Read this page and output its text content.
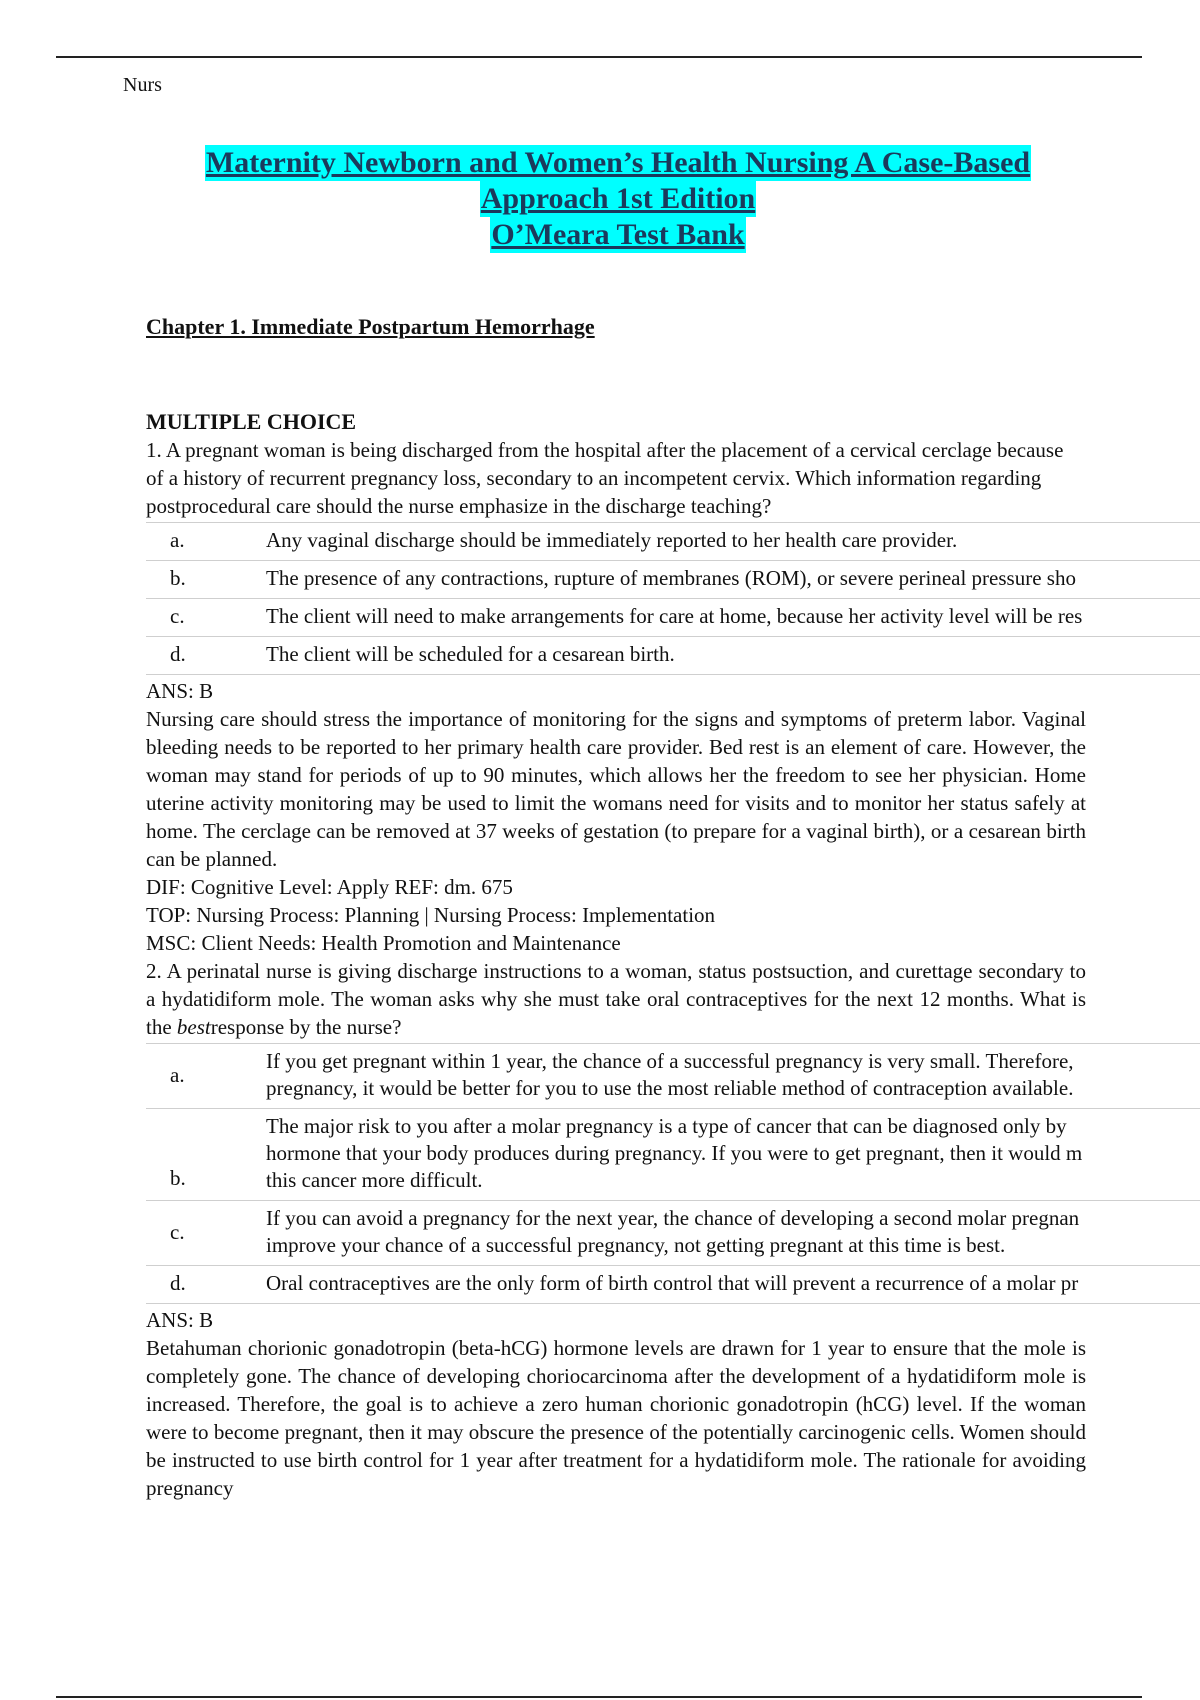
Nurs
Maternity Newborn and Women’s Health Nursing A Case-Based
Approach 1st Edition
O’Meara Test Bank
Chapter 1. Immediate Postpartum Hemorrhage
MULTIPLE CHOICE
1. A pregnant woman is being discharged from the hospital after the placement of a cervical cerclage because of a history of recurrent pregnancy loss, secondary to an incompetent cervix. Which information regarding postprocedural care should the nurse emphasize in the discharge teaching?
a.	Any vaginal discharge should be immediately reported to her health care provider.
b.	The presence of any contractions, rupture of membranes (ROM), or severe perineal pressure sho
c.	The client will need to make arrangements for care at home, because her activity level will be res
d.	The client will be scheduled for a cesarean birth.
ANS: B
Nursing care should stress the importance of monitoring for the signs and symptoms of preterm labor. Vaginal bleeding needs to be reported to her primary health care provider. Bed rest is an element of care. However, the woman may stand for periods of up to 90 minutes, which allows her the freedom to see her physician. Home uterine activity monitoring may be used to limit the womans need for visits and to monitor her status safely at home. The cerclage can be removed at 37 weeks of gestation (to prepare for a vaginal birth), or a cesarean birth can be planned.
DIF: Cognitive Level: Apply REF: dm. 675
TOP: Nursing Process: Planning | Nursing Process: Implementation
MSC: Client Needs: Health Promotion and Maintenance
2. A perinatal nurse is giving discharge instructions to a woman, status postsuction, and curettage secondary to a hydatidiform mole. The woman asks why she must take oral contraceptives for the next 12 months. What is the bestresponse by the nurse?
a.	If you get pregnant within 1 year, the chance of a successful pregnancy is very small. Therefore,
pregnancy, it would be better for you to use the most reliable method of contraception available.

b.	The major risk to you after a molar pregnancy is a type of cancer that can be diagnosed only by
hormone that your body produces during pregnancy. If you were to get pregnant, then it would m
this cancer more difficult.

c.	If you can avoid a pregnancy for the next year, the chance of developing a second molar pregnan
improve your chance of a successful pregnancy, not getting pregnant at this time is best.

d.	Oral contraceptives are the only form of birth control that will prevent a recurrence of a molar pr
ANS: B
Betahuman chorionic gonadotropin (beta-hCG) hormone levels are drawn for 1 year to ensure that the mole is completely gone. The chance of developing choriocarcinoma after the development of a hydatidiform mole is increased. Therefore, the goal is to achieve a zero human chorionic gonadotropin (hCG) level. If the woman were to become pregnant, then it may obscure the presence of the potentially carcinogenic cells. Women should be instructed to use birth control for 1 year after treatment for a hydatidiform mole. The rationale for avoiding pregnancy
